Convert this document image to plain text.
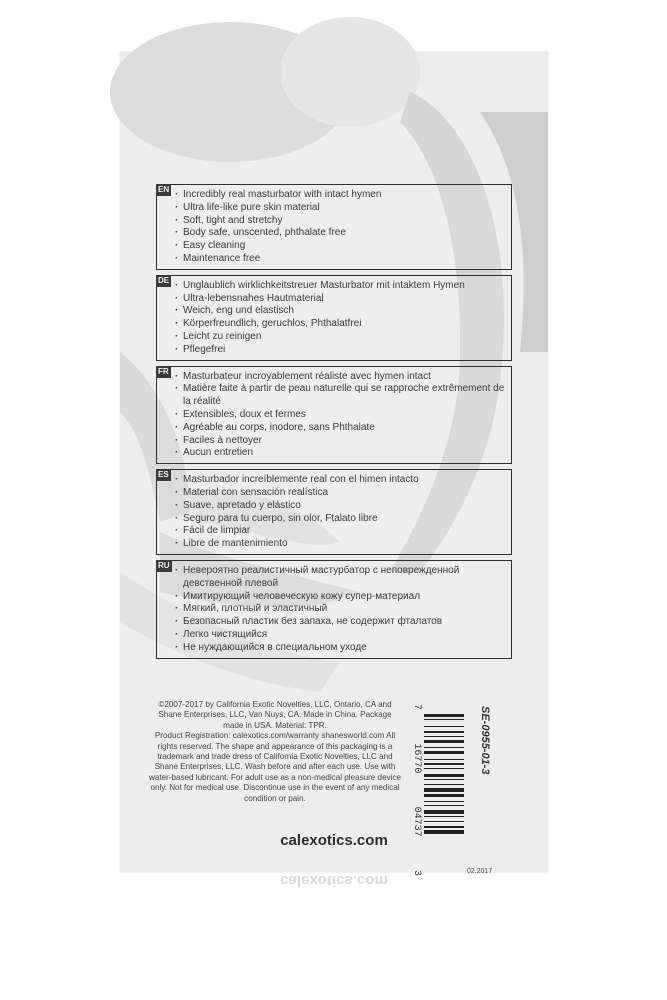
EN	· Incredibly real masturbator with intact hymen
· Ultra life-like pure skin material
· Soft, tight and stretchy
· Body safe, unscented, phthalate free
· Easy cleaning
· Maintenance free
DE	· Unglaublich wirklichkeitstreuer Masturbator mit intaktem Hymen
· Ultra-lebensnahes Hautmaterial
· Weich, eng und elastisch
· Körperfreundlich, geruchlos, Phthalatfrei
· Leicht zu reinigen
· Pflegefrei
FR	· Masturbateur incroyablement réaliste avec hymen intact
· Matière faite à partir de peau naturelle qui se rapproche extrêmement de la réalité
· Extensibles, doux et fermes
· Agréable au corps, inodore, sans Phthalate
· Faciles à nettoyer
· Aucun entretien
ES	· Masturbador increíblemente real con el himen intacto
· Material con sensación realística
· Suave, apretado y elástico
· Seguro para tu cuerpo, sin olor, Ftalato libre
· Fácil de limpiar
· Libre de mantenimiento
RU	· Невероятно реалистичный мастурбатор с неповрежденной девственной плевой
· Имитирующий человеческую кожу супер-материал
· Мягкий, плотный и эластичный
· Безопасный пластик без запаха, не содержит фталатов
· Легко чистящийся
· Не нуждающийся в специальном уходе

©2007-2017 by California Exotic Novelties, LLC, Ontario, CA and Shane Enterprises, LLC, Van Nuys, CA. Made in China. Package made in USA. Material: TPR.

Product Registration: calexotics.com/warranty shanesworld.com All rights reserved. The shape and appearance of this packaging is a trademark and trade dress of California Exotic Novelties, LLC and Shane Enterprises, LLC. Wash before and after each use. Use with water-based lubricant. For adult use as a non-medical pleasure device only. Not for medical use. Discontinue use in the event of any medical condition or pain.

7
16770
04737
3
SE-0955-01-3
02.2017
calexotics.com
calexotics.com
